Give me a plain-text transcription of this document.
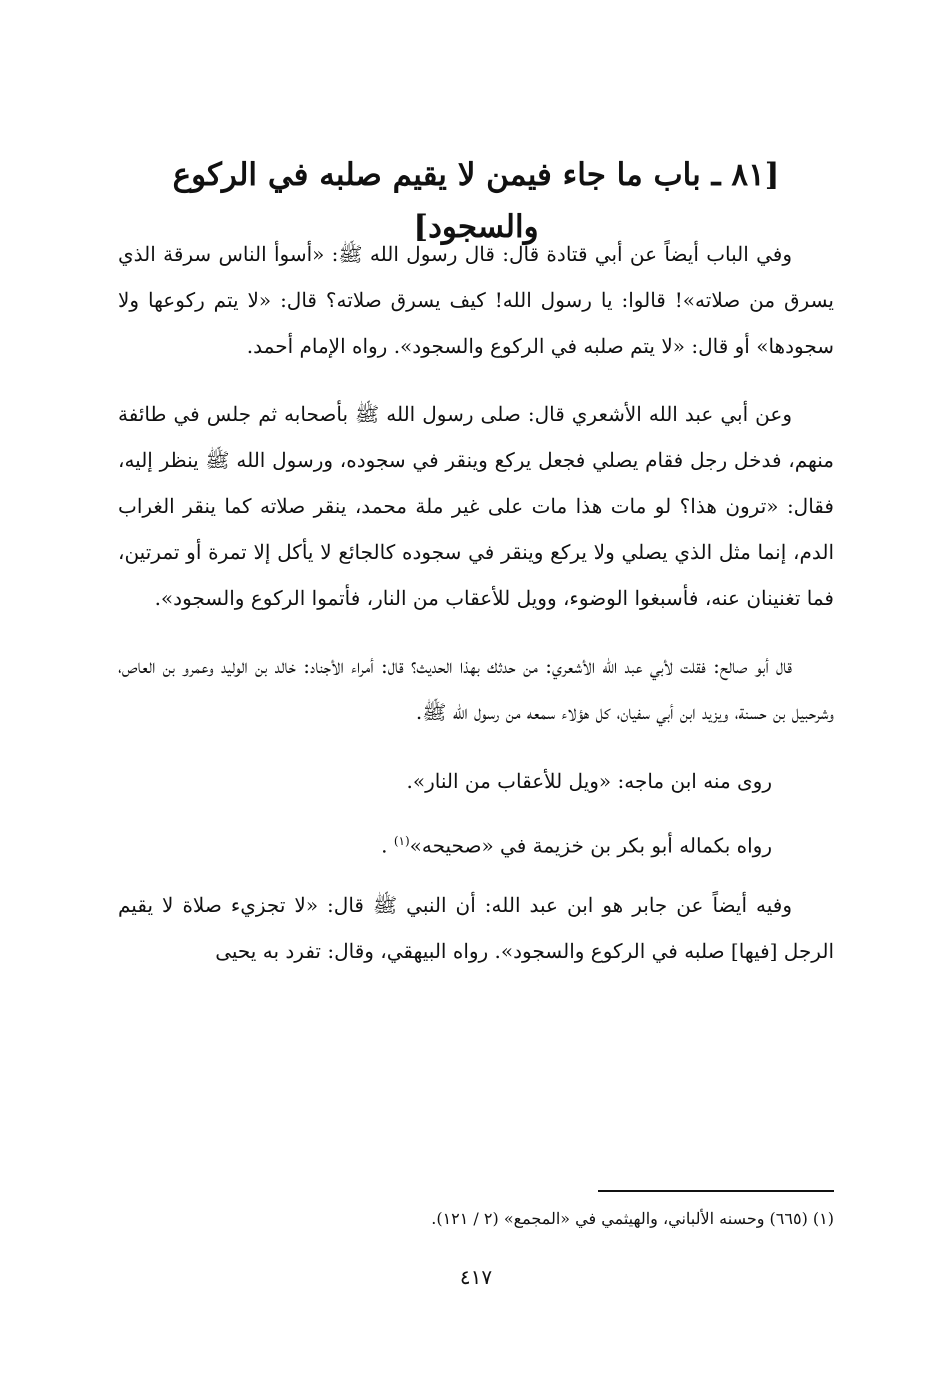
[٨١ ـ باب ما جاء فيمن لا يقيم صلبه في الركوع والسجود]

وفي الباب أيضاً عن أبي قتادة قال: قال رسول الله ﷺ: «أسوأ الناس سرقة الذي يسرق من صلاته»! قالوا: يا رسول الله! كيف يسرق صلاته؟ قال: «لا يتم ركوعها ولا سجودها» أو قال: «لا يتم صلبه في الركوع والسجود». رواه الإمام أحمد.

وعن أبي عبد الله الأشعري قال: صلى رسول الله ﷺ بأصحابه ثم جلس في طائفة منهم، فدخل رجل فقام يصلي فجعل يركع وينقر في سجوده، ورسول الله ﷺ ينظر إليه، فقال: «ترون هذا؟ لو مات هذا مات على غير ملة محمد، ينقر صلاته كما ينقر الغراب الدم، إنما مثل الذي يصلي ولا يركع وينقر في سجوده كالجائع لا يأكل إلا تمرة أو تمرتين، فما تغنينان عنه، فأسبغوا الوضوء، وويل للأعقاب من النار، فأتموا الركوع والسجود».

قال أبو صالح: فقلت لأبي عبد الله الأشعري: من حدثك بهذا الحديث؟ قال: أمراء الأجناد: خالد بن الوليد وعمرو بن العاص، وشرحبيل بن حسنة، ويزيد ابن أبي سفيان، كل هؤلاء سمعه من رسول الله ﷺ.

روى منه ابن ماجه: «ويل للأعقاب من النار».

رواه بكماله أبو بكر بن خزيمة في «صحيحه»$^{(١)}$ .

وفيه أيضاً عن جابر هو ابن عبد الله: أن النبي ﷺ قال: «لا تجزيء صلاة لا يقيم الرجل [فيها] صلبه في الركوع والسجود». رواه البيهقي، وقال: تفرد به يحيى

(١) (٦٦٥) وحسنه الألباني، والهيثمي في «المجمع» (٢ / ١٢١).
٤١٧
